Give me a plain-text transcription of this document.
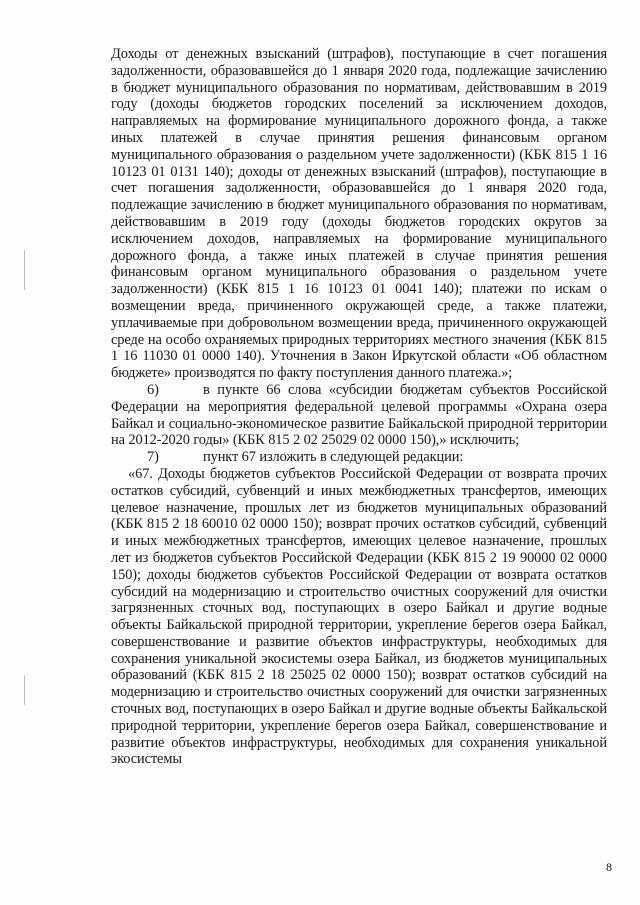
Доходы от денежных взысканий (штрафов), поступающие в счет погашения задолженности, образовавшейся до 1 января 2020 года, подлежащие зачислению в бюджет муниципального образования по нормативам, действовавшим в 2019 году (доходы бюджетов городских поселений за исключением доходов, направляемых на формирование муниципального дорожного фонда, а также иных платежей в случае принятия решения финансовым органом муниципального образования о раздельном учете задолженности) (КБК 815 1 16 10123 01 0131 140); доходы от денежных взысканий (штрафов), поступающие в счет погашения задолженности, образовавшейся до 1 января 2020 года, подлежащие зачислению в бюджет муниципального образования по нормативам, действовавшим в 2019 году (доходы бюджетов городских округов за исключением доходов, направляемых на формирование муниципального дорожного фонда, а также иных платежей в случае принятия решения финансовым органом муниципального образования о раздельном учете задолженности) (КБК 815 1 16 10123 01 0041 140); платежи по искам о возмещении вреда, причиненного окружающей среде, а также платежи, уплачиваемые при добровольном возмещении вреда, причиненного окружающей среде на особо охраняемых природных территориях местного значения (КБК 815 1 16 11030 01 0000 140). Уточнения в Закон Иркутской области «Об областном бюджете» производятся по факту поступления данного платежа.»;

6)	в пункте 66 слова «субсидии бюджетам субъектов Российской Федерации на мероприятия федеральной целевой программы «Охрана озера Байкал и социально-экономическое развитие Байкальской природной территории на 2012-2020 годы» (КБК 815 2 02 25029 02 0000 150),» исключить;

7)	пункт 67 изложить в следующей редакции:

«67. Доходы бюджетов субъектов Российской Федерации от возврата прочих остатков субсидий, субвенций и иных межбюджетных трансфертов, имеющих целевое назначение, прошлых лет из бюджетов муниципальных образований (КБК 815 2 18 60010 02 0000 150); возврат прочих остатков субсидий, субвенций и иных межбюджетных трансфертов, имеющих целевое назначение, прошлых лет из бюджетов субъектов Российской Федерации (КБК 815 2 19 90000 02 0000 150); доходы бюджетов субъектов Российской Федерации от возврата остатков субсидий на модернизацию и строительство очистных сооружений для очистки загрязненных сточных вод, поступающих в озеро Байкал и другие водные объекты Байкальской природной территории, укрепление берегов озера Байкал, совершенствование и развитие объектов инфраструктуры, необходимых для сохранения уникальной экосистемы озера Байкал, из бюджетов муниципальных образований (КБК 815 2 18 25025 02 0000 150); возврат остатков субсидий на модернизацию и строительство очистных сооружений для очистки загрязненных сточных вод, поступающих в озеро Байкал и другие водные объекты Байкальской природной территории, укрепление берегов озера Байкал, совершенствование и развитие объектов инфраструктуры, необходимых для сохранения уникальной экосистемы

8
